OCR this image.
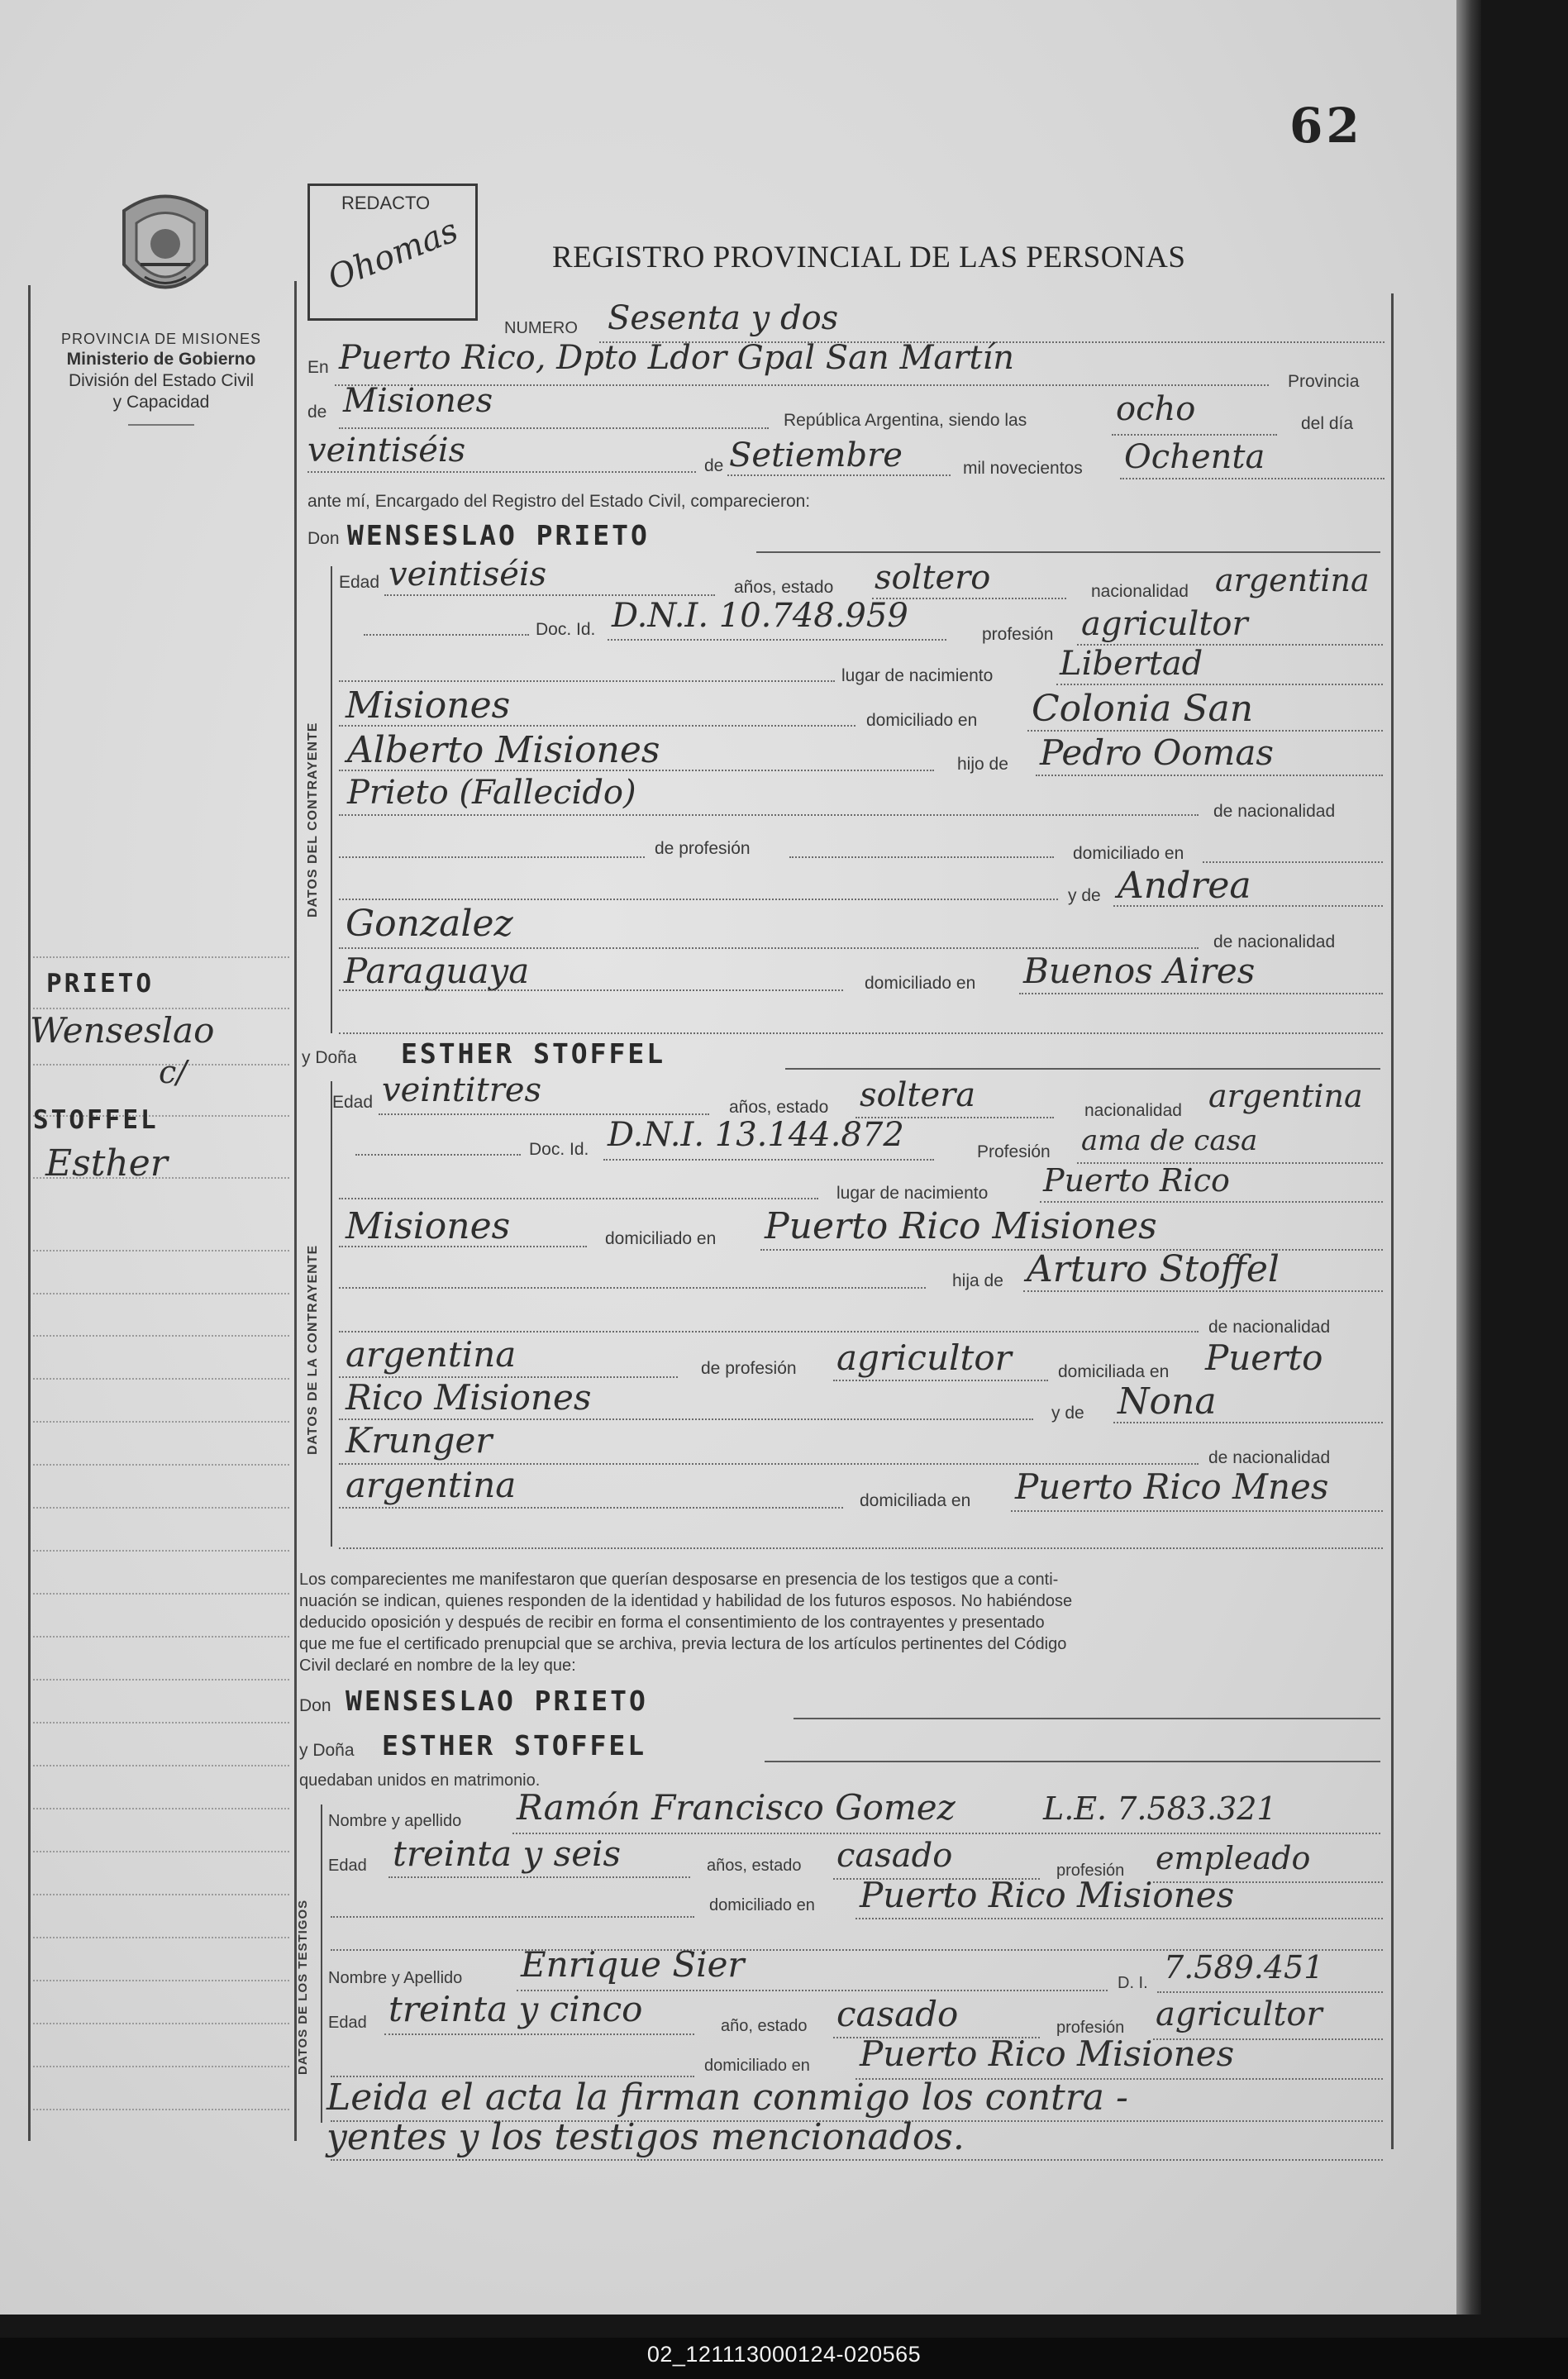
62
PROVINCIA DE MISIONES
Ministerio de Gobierno
División del Estado Civil
y Capacidad
REDACTO
Ohomas	REGISTRO PROVINCIAL DE LAS PERSONAS
PRIETO
Wenseslao
c/
STOFFEL
Esther
NUMERO Sesenta y dos
En Puerto Rico, Dpto Ldor Gpal San Martín
Provincia
de Misiones
República Argentina, siendo las	ocho	del día
veintiséis	de Setiembre	mil novecientos Ochenta
ante mí, Encargado del Registro del Estado Civil, comparecieron:
Don WENSESLAO PRIETO
DATOS DEL CONTRAYENTE
Edad veintiséis	años, estado soltero	nacionalidad argentina
Doc. Id. D.N.I. 10.748.959	profesión agricultor
lugar de nacimiento Libertad
Misiones	domiciliado en Colonia San
Alberto Misiones	hijo de Pedro Oomas
Prieto (Fallecido)	de nacionalidad
de profesión	domiciliado en
y de Andrea
Gonzalez	de nacionalidad
Paraguaya	domiciliado en Buenos Aires
y Doña ESTHER STOFFEL
DATOS DE LA CONTRAYENTE
Edad veintitres	años, estado soltera	nacionalidad argentina
Doc. Id. D.N.I. 13.144.872	Profesión ama de casa
lugar de nacimiento Puerto Rico
Misiones	domiciliado en Puerto Rico Misiones
hija de Arturo Stoffel
de nacionalidad
argentina	de profesión agricultor	domiciliada en Puerto
Rico Misiones	y de Nona
Krunger	de nacionalidad
argentina	domiciliada en Puerto Rico Mnes
Los comparecientes me manifestaron que querían desposarse en presencia de los testigos que a conti-
nuación se indican, quienes responden de la identidad y habilidad de los futuros esposos. No habiéndose
deducido oposición y después de recibir en forma el consentimiento de los contrayentes y presentado
que me fue el certificado prenupcial que se archiva, previa lectura de los artículos pertinentes del Código
Civil declaré en nombre de la ley que:
Don WENSESLAO PRIETO
y Doña ESTHER STOFFEL
quedaban unidos en matrimonio.
DATOS DE LOS TESTIGOS
Nombre y apellido Ramón Francisco Gomez	L.E. 7.583.321
Edad treinta y seis	años, estado casado	profesión empleado
domiciliado en Puerto Rico Misiones
Nombre y Apellido Enrique Sier	D. I. 7.589.451
Edad treinta y cinco	año, estado casado	profesión agricultor
domiciliado en Puerto Rico Misiones
Leida el acta la firman conmigo los contra -
yentes y los testigos mencionados.
02_121113000124-020565
